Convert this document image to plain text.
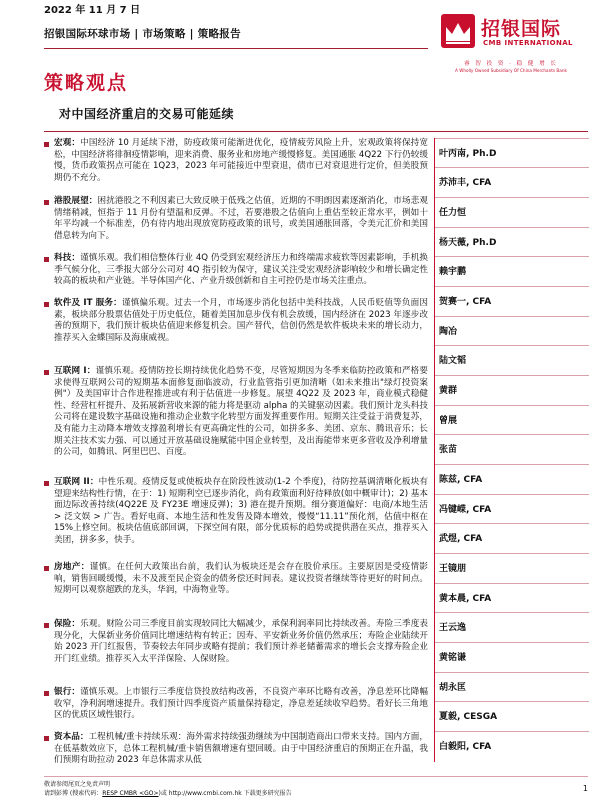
2022 年 11 月 7 日
招银国际环球市场 | 市场策略 | 策略报告	招银国际
CMB INTERNATIONAL
睿 智 投 资 · 稳 健 增 长
A Wholly Owned Subsidiary Of China Merchants Bank
策略观点
对中国经济重启的交易可能延续
宏观：中国经济 10 月延续下滑，防疫政策可能渐进优化，疫情疲劳风险上升，宏观政策将保持宽松，中国经济将徘徊疫情影响，迎来消费、服务业和房地产缓慢修复。美国通胀 4Q22 下行仍较缓慢，货币政策拐点可能在 1Q23，2023 年可能接近中型衰退，债市已对衰退进行定价，但美股预期仍不充分。
港股展望：困扰港股之不利因素已大致反映于低残之估值，近期的不明朗因素逐渐消化，市场悲观情绪稍减，恒指于 11 月份有望温和反弹。不过，若要港股之估值向上重估至较正常水平，例如十年平均减一个标准差，仍有待内地出现放宽防疫政策的讯号，或美国通胀回落，令美元汇价和美国借息转为向下。
科技：谨慎乐观。我们相信整体行业 4Q 仍受到宏观经济压力和终端需求疲软等因素影响，手机换季气候分化，三季报大部分公司对 4Q 指引较为保守，建议关注受宏观经济影响较少和增长确定性较高的板块和产业链。半导体国产化、产业升级创新和自主可控仍是市场关注重点。
软件及 IT 服务：谨慎偏乐观。过去一个月，市场逐步消化包括中美科技战，人民币贬值等负面因素，板块部分股票估值处于历史低位，随着美国加息步伐有机会放缓，国内经济在 2023 年逐步改善的预期下，我们预计板块估值迎来修复机会。国产替代，信创仍然是软件板块未来的增长动力，推荐买入金蝶国际及海康威视。
互联网 I：谨慎乐观。疫情防控长期持续优化趋势不变，尽管短期因为冬季来临防控政策和严格要求使得互联网公司的短期基本面修复面临波动，行业监管指引更加清晰（如未来推出"绿灯投资案例"）及美国审计合作进程推进或有利于估值进一步修复。展望 4Q22 及 2023 年，商业模式稳健性、经营杠杆提升、及拓展新营收来源的能力将是驱动 alpha 的关键驱动因素。我们预计龙头科技公司将在建设数字基础设施和推动企业数字化转型方面发挥重要作用。短期关注受益于消费复苏，及有能力主动降本增效支撑盈利增长有更高确定性的公司，如拼多多、美团、京东、腾讯音乐；长期关注技术实力强、可以通过开放基础设施赋能中国企业转型，及出海能带来更多营收及净利增量的公司，如腾讯、阿里巴巴、百度。
互联网 II：中性乐观。疫情反复或使板块存在阶段性波动(1-2 个季度)，待防控基调清晰化板块有望迎来结构性行情，在于：1) 短期利空已逐步消化，尚有政策面利好待释放(如中概审计)；2) 基本面边际改善持续(4Q22E 及 FY23E 增速反弹)；3) 港在提升预期。细分赛道偏好：电商/本地生活 > 泛文娱 > 广告。看好电商、本地生活和性发售及降本增效，慢慢“11.11”预化剂，估值中枢在 15%上修空间。板块估值底部回调，下探空间有限，部分优质标的趋势或提供潜在买点，推荐买入美团，拼多多，快手。
房地产：谨慎。在任何大政策出台前，我们认为板块还是会存在股价承压。主要原因是受疫情影响，销售回暖缓慢，未不及渡至民企资金的债务偿还时间表。建议投资者继续等待更好的时间点。短期可以观察超跌的龙头，华润，中海物业等。
保险：乐观。财险公司三季度目前实现较同比大幅减少，承保利润率同比持续改善。寿险三季度表现分化，大保新业务价值同比增速结构有转正；因寿、平安新业务价值仍然承压；寿险企业陆续开始 2023 开门红报售，节奏较去年同步或略有提前；我们预计养老储蓄需求的增长会支撑寿险企业开门红业绩。推荐买入太平洋保险、人保财险。
银行：谨慎乐观。上市银行三季度信贷投放结构改善，不良资产率环比略有改善，净息差环比降幅收窄，净利润增速提升。我们预计四季度资产质量保持稳定，净息差延续收窄趋势。看好长三角地区的优质区域性银行。
资本品：工程机械/重卡持续乐观：海外需求持续强劲继续为中国制造商出口带来支持。国内方面，在低基数效应下，总体工程机械/重卡销售额增速有望回暖。由于中国经济重启的预期正在升温，我们预期有助拉动 2023 年总体需求从低
叶丙南, Ph.D
苏沛丰, CFA
任力恒
杨天薇, Ph.D
赖宇鹏
贺赛一, CFA
陶冶
陆文韬
黄群
曾展
张苗
陈兹, CFA
冯键嵘, CFA
武煜, CFA
王镜朋
黄本晨, CFA
王云逸
黄铭谦
胡永匡
夏毅, CESGA
白毅阳, CFA
敬请参阅尾页之免责声明
请到彭博 (搜索代码：RESP CMBR <GO>)或 http://www.cmbi.com.hk 下载更多研究报告
1
